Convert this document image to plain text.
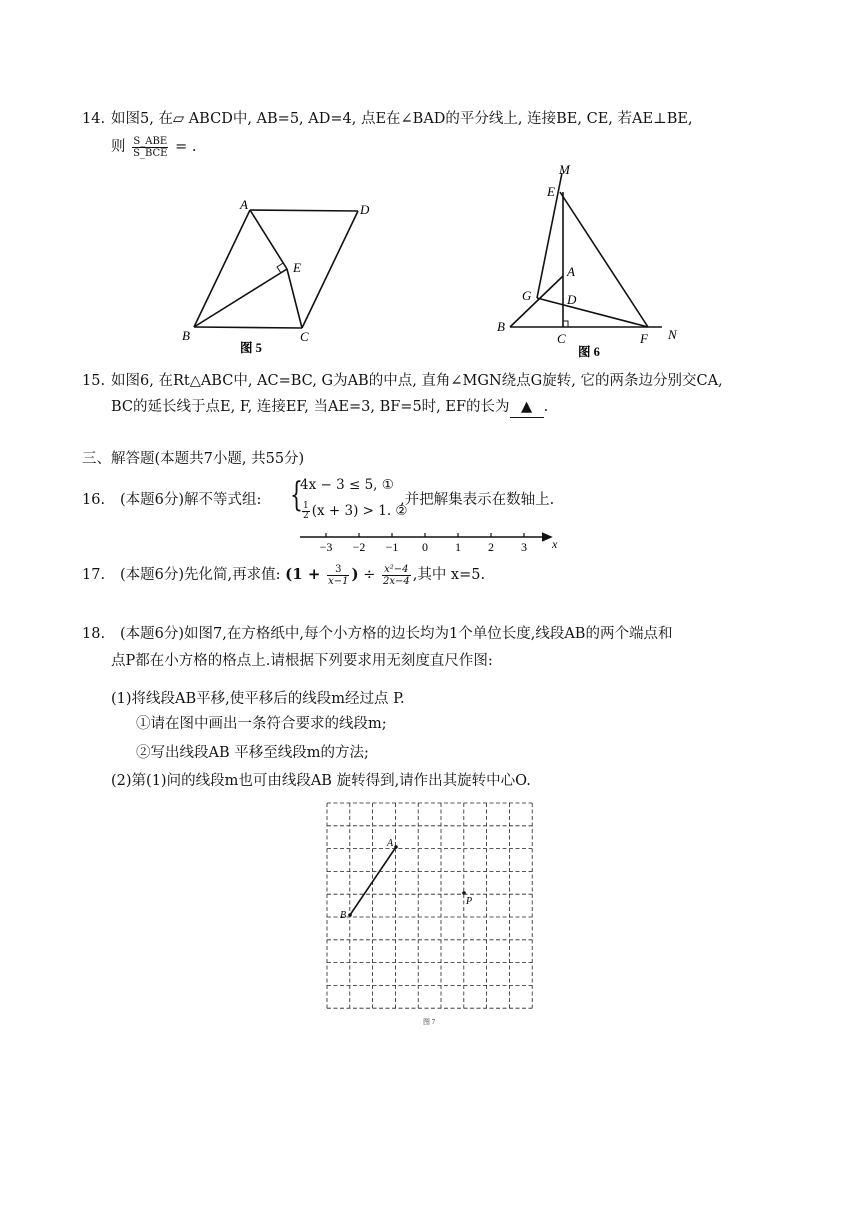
14. 如图5, 在▱ ABCD中, AB=5, AD=4, 点E在∠BAD的平分线上, 连接BE, CE, 若AE⊥BE,
则 $\frac{\text{S\_ABE}}{\text{S\_BCE}}$ = .
A	D
E
B	C
图 5
M
E
A
G	D
B
C	F N
图 6
15. 如图6, 在Rt△ABC中, AC=BC, G为AB的中点, 直角∠MGN绕点G旋转, 它的两条边分别交CA,
BC的延长线于点E, F, 连接EF, 当AE=3, BF=5时, EF的长为 ▲ .
三、解答题(本题共7小题, 共55分)
16. (本题6分)解不等式组: {
4x − 3 ≤ 5, ①
$\frac{1}{2} (x + 3) > 1$. ②
,并把解集表示在数轴上.
−3 −2 −1 0 1 2 3 x
17. (本题6分)先化简,再求值: ($1 + \frac{3}{x-1}$ ) ÷ $\frac{\text{x²−4}}{2x-4}$ ,其中 x=5.
18. (本题6分)如图7,在方格纸中,每个小方格的边长均为1个单位长度,线段AB的两个端点和
点P都在小方格的格点上.请根据下列要求用无刻度直尺作图:
(1)将线段AB平移,使平移后的线段m经过点 P.
①请在图中画出一条符合要求的线段m;
②写出线段AB 平移至线段m的方法;
(2)第(1)问的线段m也可由线段AB 旋转得到,请作出其旋转中心O.
A
B
P
图 7
